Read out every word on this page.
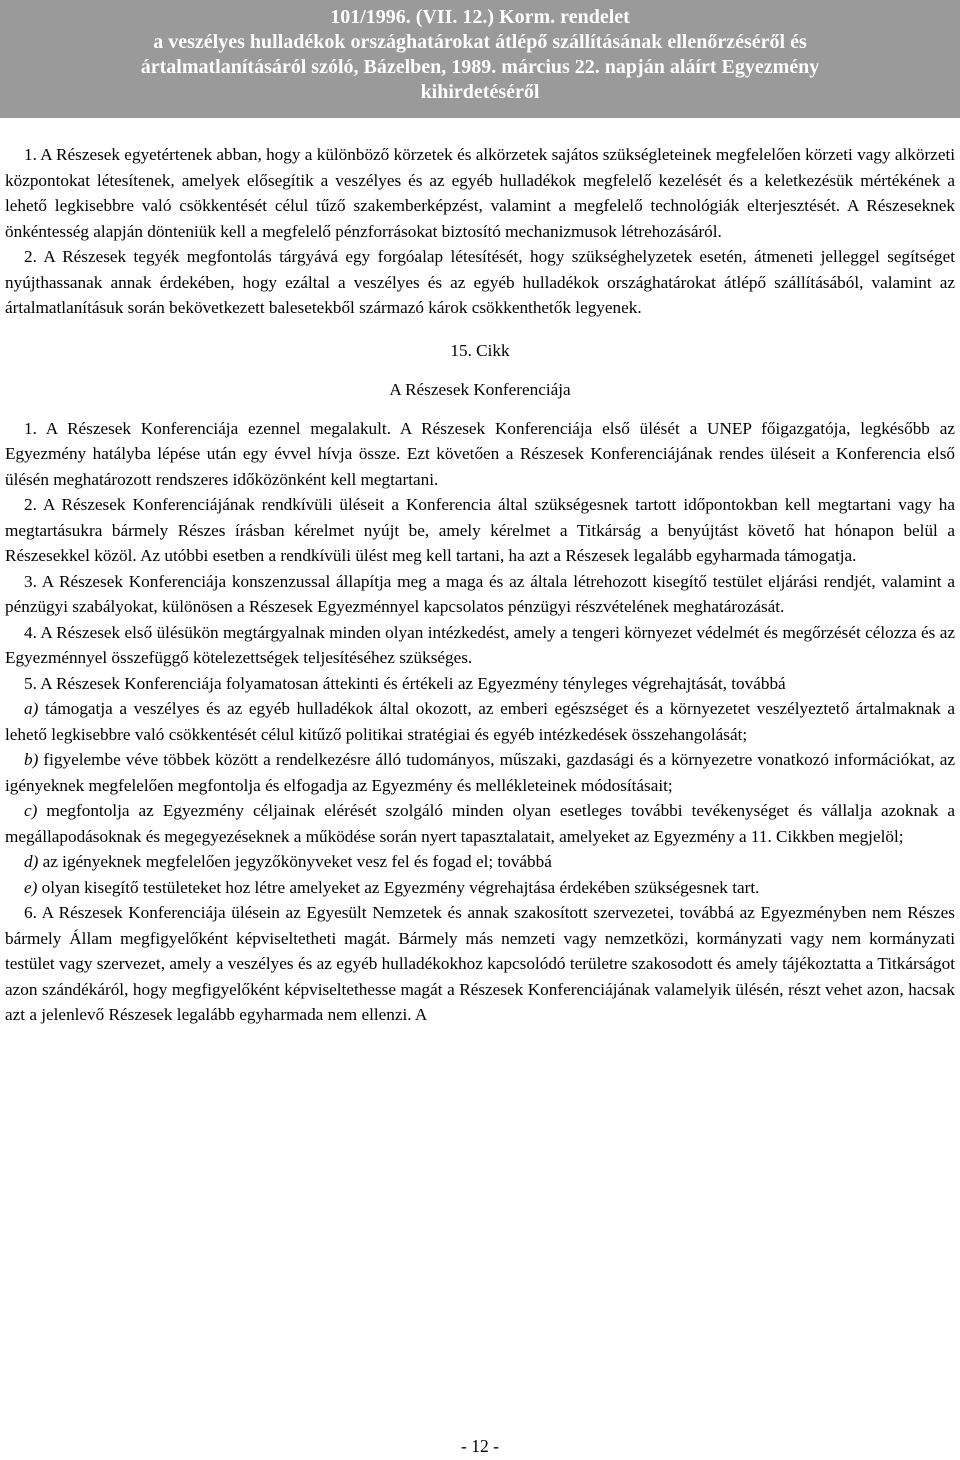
101/1996. (VII. 12.) Korm. rendelet
a veszélyes hulladékok országhatárokat átlépő szállításának ellenőrzéséről és
ártalmatlanításáról szóló, Bázelben, 1989. március 22. napján aláírt Egyezmény
kihirdetéséről

1. A Részesek egyetértenek abban, hogy a különböző körzetek és alkörzetek sajátos szükségleteinek megfelelően körzeti vagy alkörzeti központokat létesítenek, amelyek elősegítik a veszélyes és az egyéb hulladékok megfelelő kezelését és a keletkezésük mértékének a lehető legkisebbre való csökkentését célul tűző szakemberképzést, valamint a megfelelő technológiák elterjesztését. A Részeseknek önkéntesség alapján dönteniük kell a megfelelő pénzforrásokat biztosító mechanizmusok létrehozásáról.

2. A Részesek tegyék megfontolás tárgyává egy forgóalap létesítését, hogy szükséghelyzetek esetén, átmeneti jelleggel segítséget nyújthassanak annak érdekében, hogy ezáltal a veszélyes és az egyéb hulladékok országhatárokat átlépő szállításából, valamint az ártalmatlanításuk során bekövetkezett balesetekből származó károk csökkenthetők legyenek.

15. Cikk

A Részesek Konferenciája

1. A Részesek Konferenciája ezennel megalakult. A Részesek Konferenciája első ülését a UNEP főigazgatója, legkésőbb az Egyezmény hatályba lépése után egy évvel hívja össze. Ezt követően a Részesek Konferenciájának rendes üléseit a Konferencia első ülésén meghatározott rendszeres időközönként kell megtartani.

2. A Részesek Konferenciájának rendkívüli üléseit a Konferencia által szükségesnek tartott időpontokban kell megtartani vagy ha megtartásukra bármely Részes írásban kérelmet nyújt be, amely kérelmet a Titkárság a benyújtást követő hat hónapon belül a Részesekkel közöl. Az utóbbi esetben a rendkívüli ülést meg kell tartani, ha azt a Részesek legalább egyharmada támogatja.

3. A Részesek Konferenciája konszenzussal állapítja meg a maga és az általa létrehozott kisegítő testület eljárási rendjét, valamint a pénzügyi szabályokat, különösen a Részesek Egyezménnyel kapcsolatos pénzügyi részvételének meghatározását.

4. A Részesek első ülésükön megtárgyalnak minden olyan intézkedést, amely a tengeri környezet védelmét és megőrzését célozza és az Egyezménnyel összefüggő kötelezettségek teljesítéséhez szükséges.

5. A Részesek Konferenciája folyamatosan áttekinti és értékeli az Egyezmény tényleges végrehajtását, továbbá

a) támogatja a veszélyes és az egyéb hulladékok által okozott, az emberi egészséget és a környezetet veszélyeztető ártalmaknak a lehető legkisebbre való csökkentését célul kitűző politikai stratégiai és egyéb intézkedések összehangolását;

b) figyelembe véve többek között a rendelkezésre álló tudományos, műszaki, gazdasági és a környezetre vonatkozó információkat, az igényeknek megfelelően megfontolja és elfogadja az Egyezmény és mellékleteinek módosításait;

c) megfontolja az Egyezmény céljainak elérését szolgáló minden olyan esetleges további tevékenységet és vállalja azoknak a megállapodásoknak és megegyezéseknek a működése során nyert tapasztalatait, amelyeket az Egyezmény a 11. Cikkben megjelöl;

d) az igényeknek megfelelően jegyzőkönyveket vesz fel és fogad el; továbbá

e) olyan kisegítő testületeket hoz létre amelyeket az Egyezmény végrehajtása érdekében szükségesnek tart.

6. A Részesek Konferenciája ülésein az Egyesült Nemzetek és annak szakosított szervezetei, továbbá az Egyezményben nem Részes bármely Állam megfigyelőként képviseltetheti magát. Bármely más nemzeti vagy nemzetközi, kormányzati vagy nem kormányzati testület vagy szervezet, amely a veszélyes és az egyéb hulladékokhoz kapcsolódó területre szakosodott és amely tájékoztatta a Titkárságot azon szándékáról, hogy megfigyelőként képviseltethesse magát a Részesek Konferenciájának valamelyik ülésén, részt vehet azon, hacsak azt a jelenlevő Részesek legalább egyharmada nem ellenzi. A

- 12 -
